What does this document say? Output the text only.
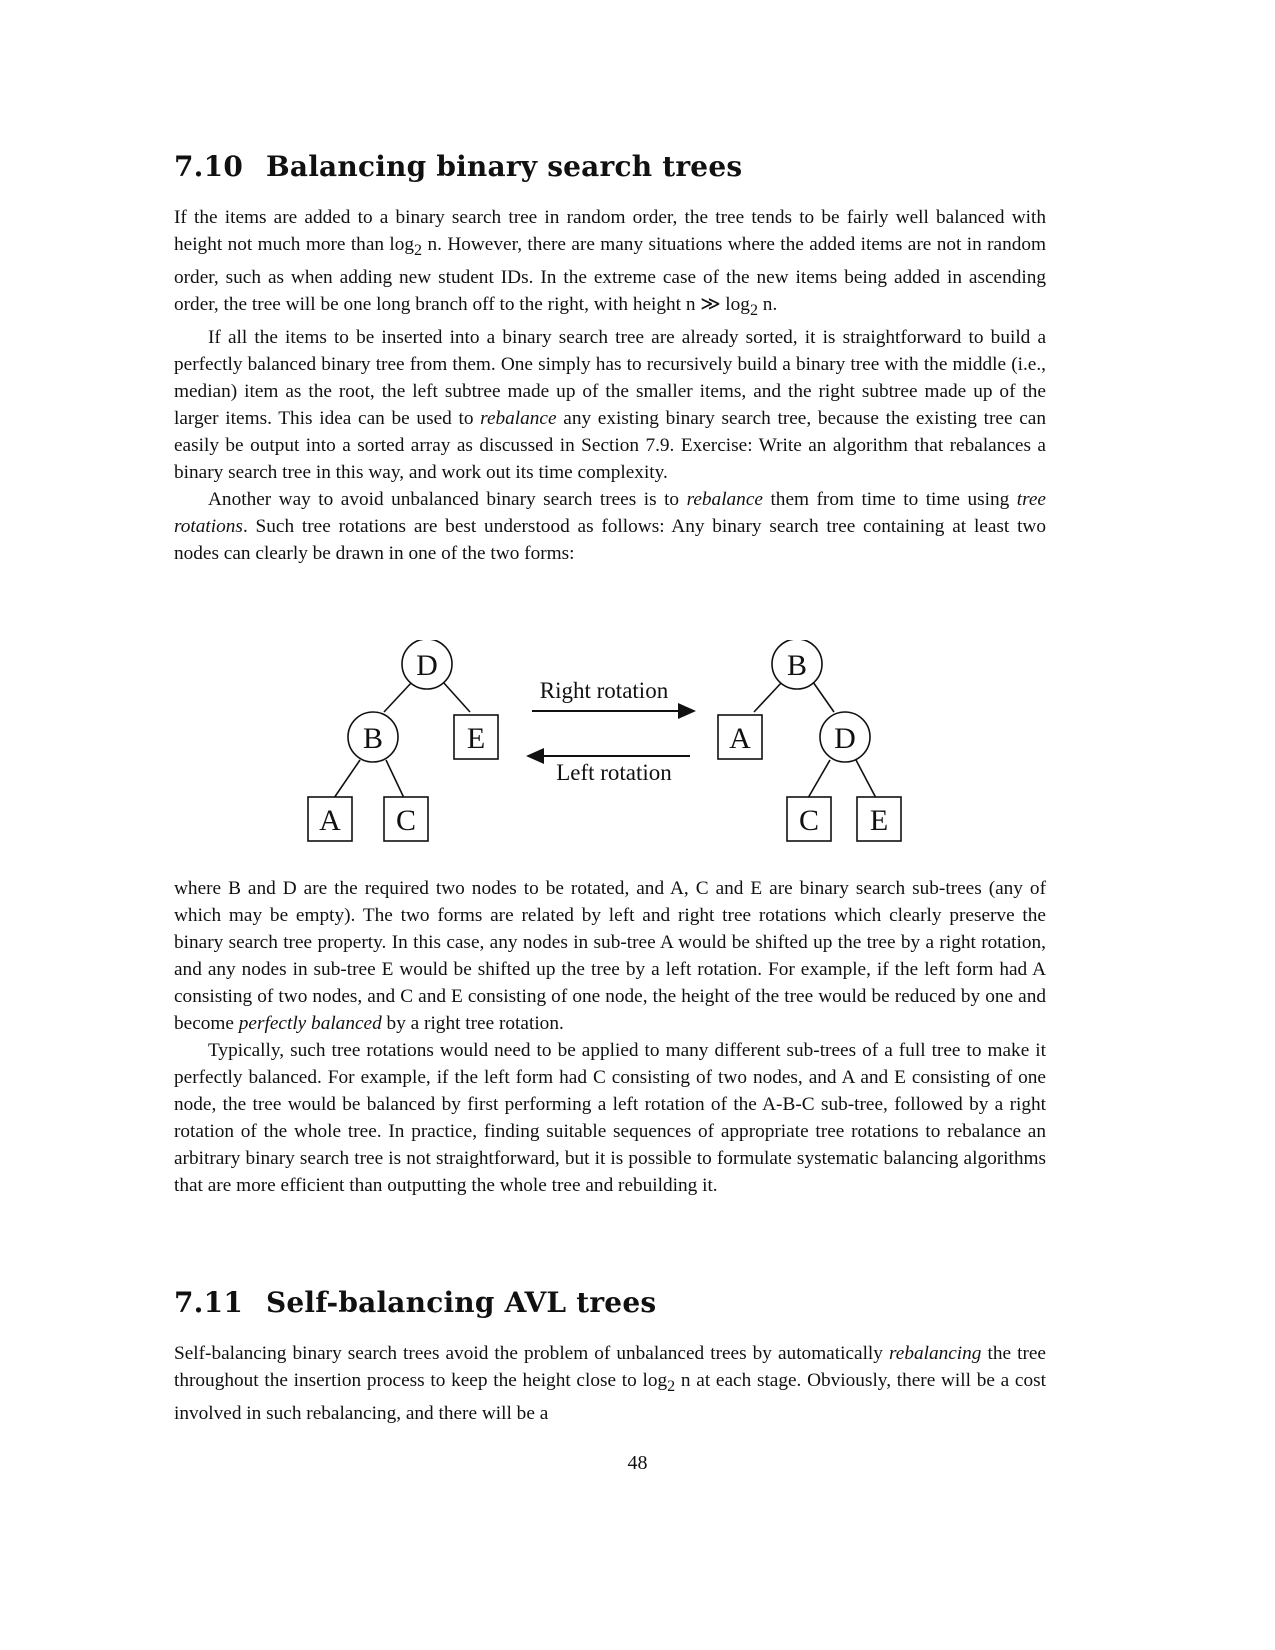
7.10 Balancing binary search trees

If the items are added to a binary search tree in random order, the tree tends to be fairly well balanced with height not much more than $\log_2 n$. However, there are many situations where the added items are not in random order, such as when adding new student IDs. In the extreme case of the new items being added in ascending order, the tree will be one long branch off to the right, with height n ≫ $\log_2 n$.

If all the items to be inserted into a binary search tree are already sorted, it is straightforward to build a perfectly balanced binary tree from them. One simply has to recursively build a binary tree with the middle (i.e., median) item as the root, the left subtree made up of the smaller items, and the right subtree made up of the larger items. This idea can be used to rebalance any existing binary search tree, because the existing tree can easily be output into a sorted array as discussed in Section 7.9. Exercise: Write an algorithm that rebalances a binary search tree in this way, and work out its time complexity.

Another way to avoid unbalanced binary search trees is to rebalance them from time to time using tree rotations. Such tree rotations are best understood as follows: Any binary search tree containing at least two nodes can clearly be drawn in one of the two forms:

D
B	E
A C
Right rotation
Left rotation
B
A	D
C E

where B and D are the required two nodes to be rotated, and A, C and E are binary search sub-trees (any of which may be empty). The two forms are related by left and right tree rotations which clearly preserve the binary search tree property. In this case, any nodes in sub-tree A would be shifted up the tree by a right rotation, and any nodes in sub-tree E would be shifted up the tree by a left rotation. For example, if the left form had A consisting of two nodes, and C and E consisting of one node, the height of the tree would be reduced by one and become perfectly balanced by a right tree rotation.

Typically, such tree rotations would need to be applied to many different sub-trees of a full tree to make it perfectly balanced. For example, if the left form had C consisting of two nodes, and A and E consisting of one node, the tree would be balanced by first performing a left rotation of the A-B-C sub-tree, followed by a right rotation of the whole tree. In practice, finding suitable sequences of appropriate tree rotations to rebalance an arbitrary binary search tree is not straightforward, but it is possible to formulate systematic balancing algorithms that are more efficient than outputting the whole tree and rebuilding it.

7.11 Self-balancing AVL trees

Self-balancing binary search trees avoid the problem of unbalanced trees by automatically rebalancing the tree throughout the insertion process to keep the height close to $\log_2 n$ at each stage. Obviously, there will be a cost involved in such rebalancing, and there will be a

48
